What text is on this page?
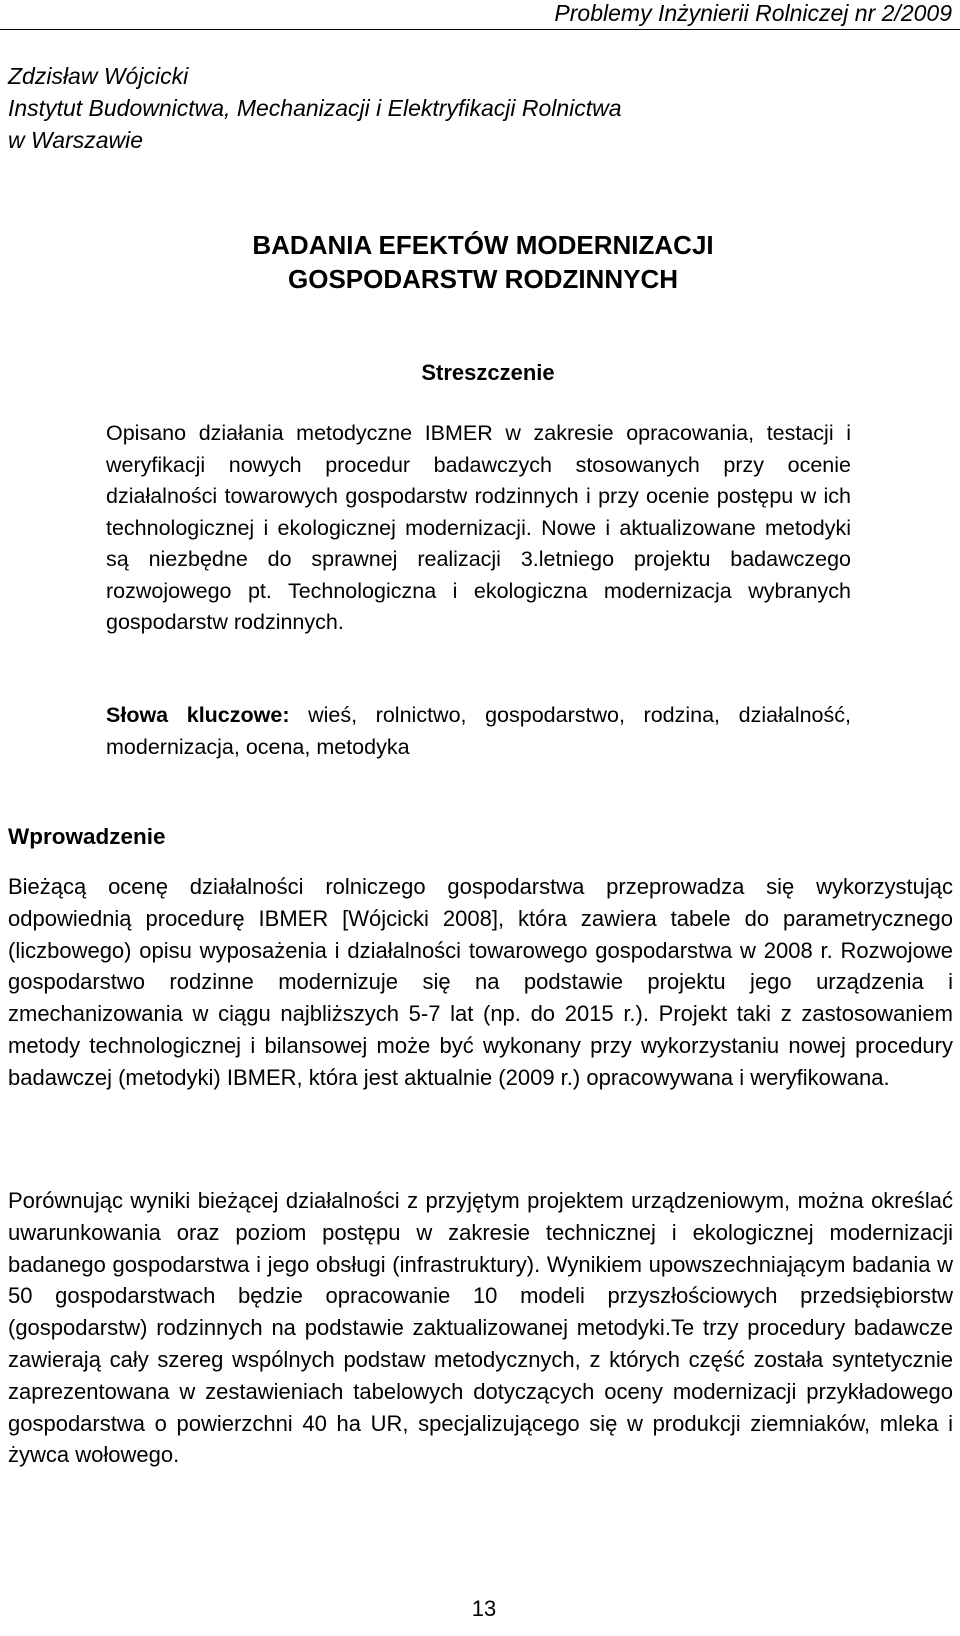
Problemy Inżynierii Rolniczej nr 2/2009
Zdzisław Wójcicki
Instytut Budownictwa, Mechanizacji i Elektryfikacji Rolnictwa
w Warszawie
BADANIA EFEKTÓW MODERNIZACJI
GOSPODARSTW RODZINNYCH
Streszczenie
Opisano działania metodyczne IBMER w zakresie opracowania, testacji i weryfikacji nowych procedur badawczych stosowanych przy ocenie działalności towarowych gospodarstw rodzinnych i przy ocenie postępu w ich technologicznej i ekologicznej modernizacji. Nowe i aktualizowane metodyki są niezbędne do sprawnej realizacji 3.letniego projektu badawczego rozwojowego pt. Technologiczna i ekologiczna modernizacja wybranych gospodarstw rodzinnych.
Słowa kluczowe: wieś, rolnictwo, gospodarstwo, rodzina, działalność, modernizacja, ocena, metodyka
Wprowadzenie
Bieżącą ocenę działalności rolniczego gospodarstwa przeprowadza się wykorzystując odpowiednią procedurę IBMER [Wójcicki 2008], która zawiera tabele do parametrycznego (liczbowego) opisu wyposażenia i działalności towarowego gospodarstwa w 2008 r. Rozwojowe gospodarstwo rodzinne modernizuje się na podstawie projektu jego urządzenia i zmechanizowania w ciągu najbliższych 5-7 lat (np. do 2015 r.). Projekt taki z zastosowaniem metody technologicznej i bilansowej może być wykonany przy wykorzystaniu nowej procedury badawczej (metodyki) IBMER, która jest aktualnie (2009 r.) opracowywana i weryfikowana.
Porównując wyniki bieżącej działalności z przyjętym projektem urządzeniowym, można określać uwarunkowania oraz poziom postępu w zakresie technicznej i ekologicznej modernizacji badanego gospodarstwa i jego obsługi (infrastruktury). Wynikiem upowszechniającym badania w 50 gospodarstwach będzie opracowanie 10 modeli przyszłościowych przedsiębiorstw (gospodarstw) rodzinnych na podstawie zaktualizowanej metodyki.Te trzy procedury badawcze zawierają cały szereg wspólnych podstaw metodycznych, z których część została syntetycznie zaprezentowana w zestawieniach tabelowych dotyczących oceny modernizacji przykładowego gospodarstwa o powierzchni 40 ha UR, specjalizującego się w produkcji ziemniaków, mleka i żywca wołowego.
13
